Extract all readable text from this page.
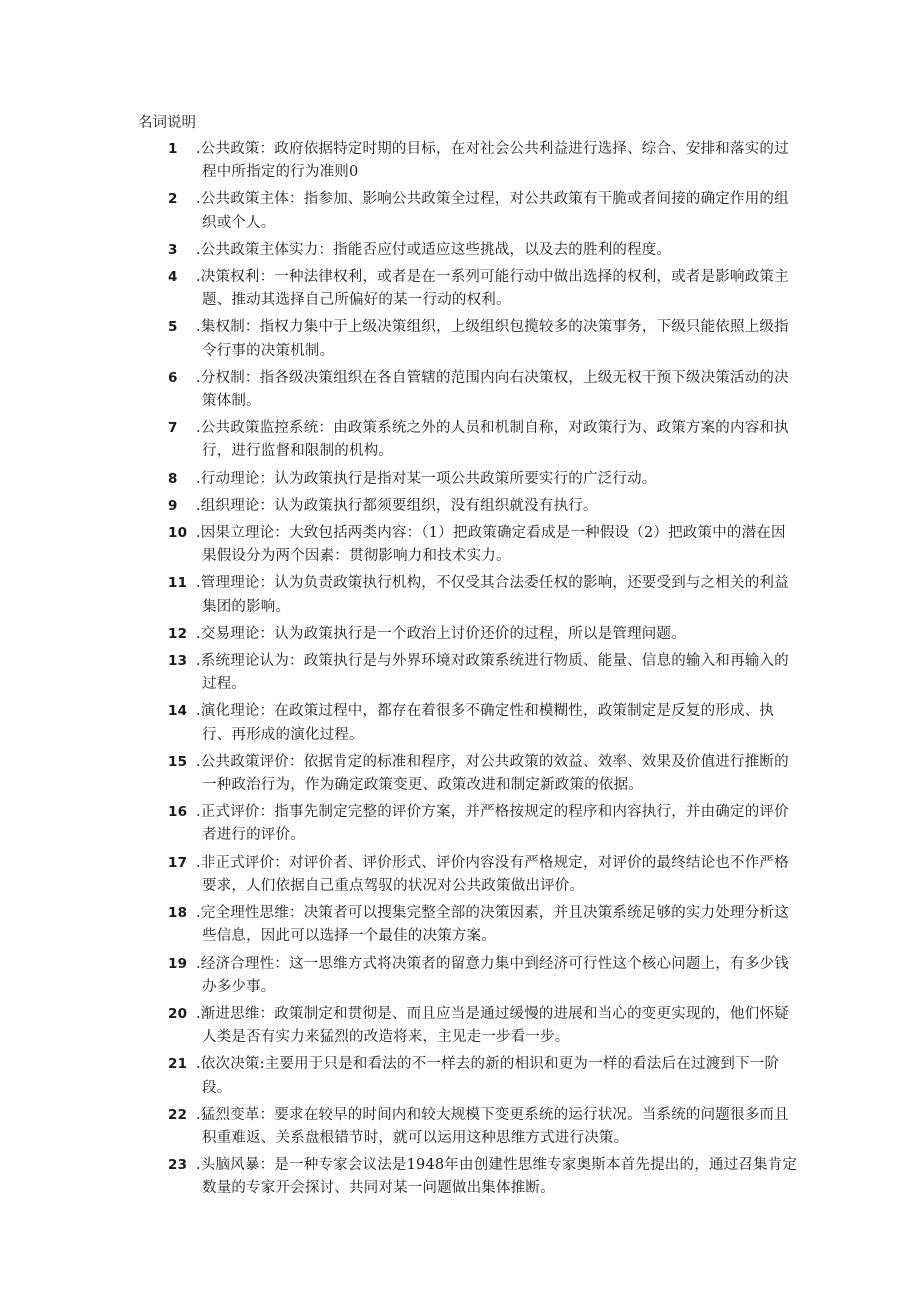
名词说明
1	.公共政策：政府依据特定时期的目标，在对社会公共利益进行选择、综合、安排和落实的过程中所指定的行为准则0
2	.公共政策主体：指参加、影响公共政策全过程，对公共政策有干脆或者间接的确定作用的组织或个人。
3	.公共政策主体实力：指能否应付或适应这些挑战，以及去的胜利的程度。
4	.决策权利：一种法律权利，或者是在一系列可能行动中做出选择的权利，或者是影响政策主题、推动其选择自己所偏好的某一行动的权利。
5	.集权制：指权力集中于上级决策组织，上级组织包揽较多的决策事务，下级只能依照上级指令行事的决策机制。
6	.分权制：指各级决策组织在各自管辖的范围内向右决策权，上级无权干预下级决策活动的决策体制。
7	.公共政策监控系统：由政策系统之外的人员和机制自称，对政策行为、政策方案的内容和执行，进行监督和限制的机构。
8	.行动理论：认为政策执行是指对某一项公共政策所要实行的广泛行动。
9	.组织理论：认为政策执行都须要组织，没有组织就没有执行。
10 .因果立理论：大致包括两类内容：（1）把政策确定看成是一种假设（2）把政策中的潜在因果假设分为两个因素：贯彻影响力和技术实力。
11 .管理理论：认为负责政策执行机构，不仅受其合法委任权的影响，还要受到与之相关的利益集团的影响。
12 .交易理论：认为政策执行是一个政治上讨价还价的过程，所以是管理问题。
13 .系统理论认为：政策执行是与外界环境对政策系统进行物质、能量、信息的输入和再输入的过程。
14 .演化理论：在政策过程中，都存在着很多不确定性和模糊性，政策制定是反复的形成、执行、再形成的演化过程。
15 .公共政策评价：依据肯定的标准和程序，对公共政策的效益、效率、效果及价值进行推断的一种政治行为，作为确定政策变更、政策改进和制定新政策的依据。
16 .正式评价：指事先制定完整的评价方案，并严格按规定的程序和内容执行，并由确定的评价者进行的评价。
17 .非正式评价：对评价者、评价形式、评价内容没有严格规定，对评价的最终结论也不作严格要求，人们依据自己重点驾驭的状况对公共政策做出评价。
18 .完全理性思维：决策者可以搜集完整全部的决策因素，并且决策系统足够的实力处理分析这些信息，因此可以选择一个最佳的决策方案。
19 .经济合理性：这一思维方式将决策者的留意力集中到经济可行性这个核心问题上，有多少钱办多少事。
20 .渐进思维：政策制定和贯彻是、而且应当是通过缓慢的进展和当心的变更实现的，他们怀疑人类是否有实力来猛烈的改造将来，主见走一步看一步。
21 .依次决策:主要用于只是和看法的不一样去的新的相识和更为一样的看法后在过渡到下一阶段。
22 .猛烈变革：要求在较早的时间内和较大规模下变更系统的运行状况。当系统的问题很多而且积重难返、关系盘根错节时，就可以运用这种思维方式进行决策。
23 .头脑风暴：是一种专家会议法是1948年由创建性思维专家奥斯本首先提出的，通过召集肯定数量的专家开会探讨、共同对某一问题做出集体推断。
